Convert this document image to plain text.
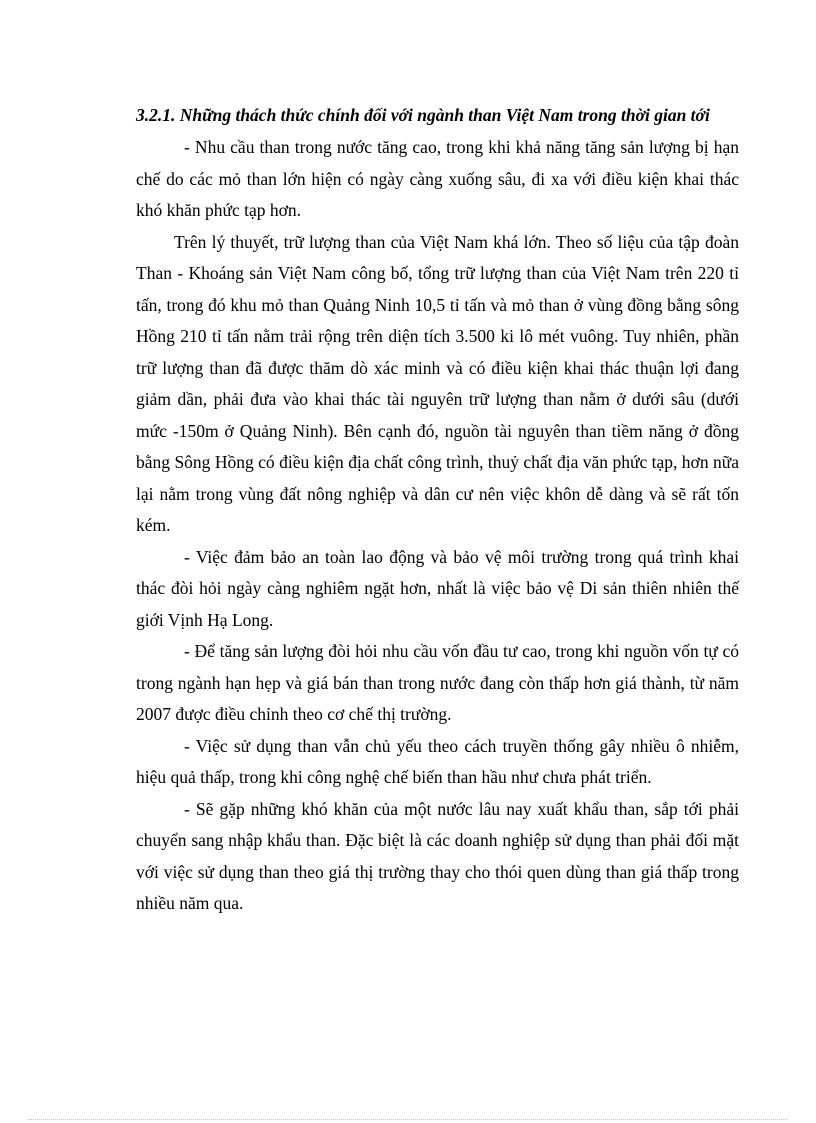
3.2.1. Những thách thức chính đối với ngành than Việt Nam trong thời gian tới

- Nhu cầu than trong nước tăng cao, trong khi khả năng tăng sản lượng bị hạn chế do các mỏ than lớn hiện có ngày càng xuống sâu, đi xa với điều kiện khai thác khó khăn phức tạp hơn.

Trên lý thuyết, trữ lượng than của Việt Nam khá lớn. Theo số liệu của tập đoàn Than - Khoáng sản Việt Nam công bố, tổng trữ lượng than của Việt Nam trên 220 tỉ tấn, trong đó khu mỏ than Quảng Ninh 10,5 tỉ tấn và mỏ than ở vùng đồng bằng sông Hồng 210 tỉ tấn nằm trải rộng trên diện tích 3.500 ki lô mét vuông. Tuy nhiên, phần trữ lượng than đã được thăm dò xác minh và có điều kiện khai thác thuận lợi đang giảm dần, phải đưa vào khai thác tài nguyên trữ lượng than nằm ở dưới sâu (dưới mức -150m ở Quảng Ninh). Bên cạnh đó, nguồn tài nguyên than tiềm năng ở đồng bằng Sông Hồng có điều kiện địa chất công trình, thuỷ chất địa văn phức tạp, hơn nữa lại nằm trong vùng đất nông nghiệp và dân cư nên việc khôn dễ dàng và sẽ rất tốn kém.

- Việc đảm bảo an toàn lao động và bảo vệ môi trường trong quá trình khai thác đòi hỏi ngày càng nghiêm ngặt hơn, nhất là việc bảo vệ Di sản thiên nhiên thế giới Vịnh Hạ Long.

- Để tăng sản lượng đòi hỏi nhu cầu vốn đầu tư cao, trong khi nguồn vốn tự có trong ngành hạn hẹp và giá bán than trong nước đang còn thấp hơn giá thành, từ năm 2007 được điều chỉnh theo cơ chế thị trường.

- Việc sử dụng than vẫn chủ yếu theo cách truyền thống gây nhiều ô nhiễm, hiệu quả thấp, trong khi công nghệ chế biến than hầu như chưa phát triển.

- Sẽ gặp những khó khăn của một nước lâu nay xuất khẩu than, sắp tới phải chuyển sang nhập khẩu than. Đặc biệt là các doanh nghiệp sử dụng than phải đối mặt với việc sử dụng than theo giá thị trường thay cho thói quen dùng than giá thấp trong nhiều năm qua.
